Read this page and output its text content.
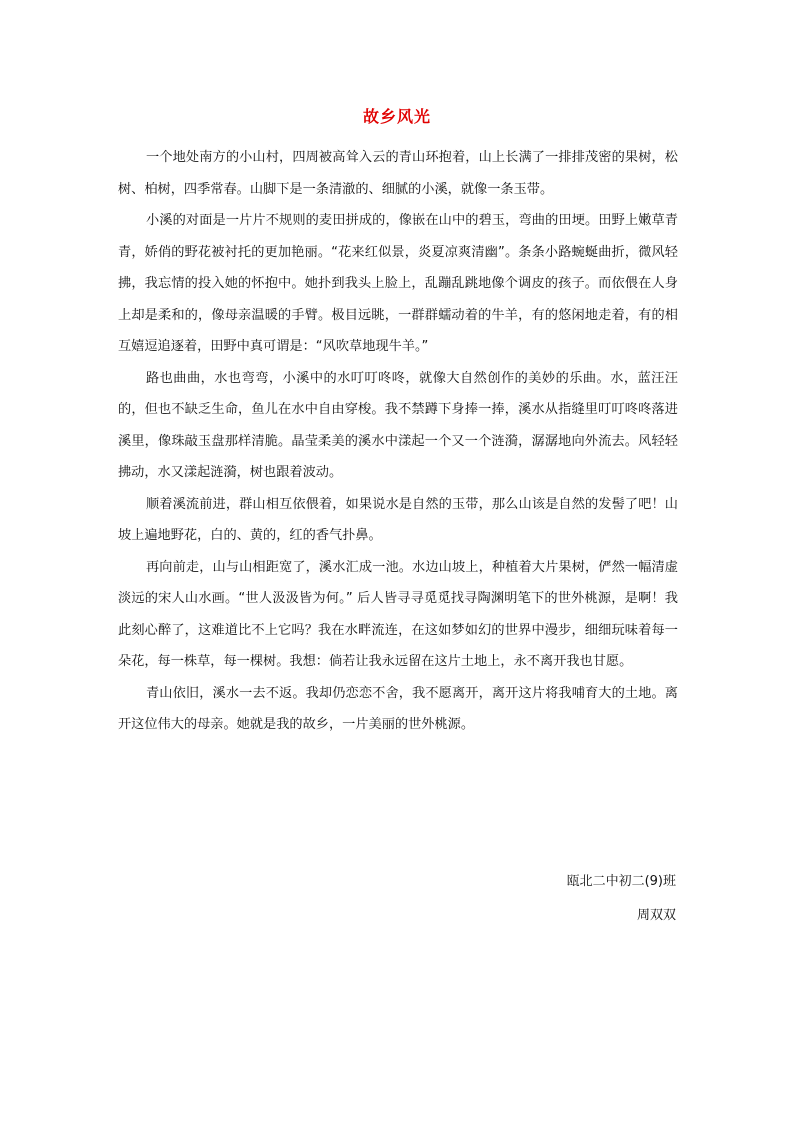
故乡风光

一个地处南方的小山村，四周被高耸入云的青山环抱着，山上长满了一排排茂密的果树，松树、柏树，四季常春。山脚下是一条清澈的、细腻的小溪，就像一条玉带。

小溪的对面是一片片不规则的麦田拼成的，像嵌在山中的碧玉，弯曲的田埂。田野上嫩草青青，娇俏的野花被衬托的更加艳丽。“花来红似景，炎夏凉爽清幽”。条条小路蜿蜒曲折，微风轻拂，我忘情的投入她的怀抱中。她扑到我头上脸上，乱蹦乱跳地像个调皮的孩子。而依偎在人身上却是柔和的，像母亲温暖的手臂。极目远眺，一群群蠕动着的牛羊，有的悠闲地走着，有的相互嬉逗追逐着，田野中真可谓是：“风吹草地现牛羊。”

路也曲曲，水也弯弯，小溪中的水叮叮咚咚，就像大自然创作的美妙的乐曲。水，蓝汪汪的，但也不缺乏生命，鱼儿在水中自由穿梭。我不禁蹲下身捧一捧，溪水从指缝里叮叮咚咚落进溪里，像珠敲玉盘那样清脆。晶莹柔美的溪水中漾起一个又一个涟漪，潺潺地向外流去。风轻轻拂动，水又漾起涟漪，树也跟着波动。

顺着溪流前进，群山相互依偎着，如果说水是自然的玉带，那么山该是自然的发髻了吧！山坡上遍地野花，白的、黄的，红的香气扑鼻。

再向前走，山与山相距宽了，溪水汇成一池。水边山坡上，种植着大片果树，俨然一幅清虚淡远的宋人山水画。“世人汲汲皆为何。” 后人皆寻寻觅觅找寻陶渊明笔下的世外桃源，是啊！我此刻心醉了，这难道比不上它吗？我在水畔流连，在这如梦如幻的世界中漫步，细细玩味着每一朵花，每一株草，每一棵树。我想：倘若让我永远留在这片土地上，永不离开我也甘愿。

青山依旧，溪水一去不返。我却仍恋恋不舍，我不愿离开，离开这片将我哺育大的土地。离开这位伟大的母亲。她就是我的故乡，一片美丽的世外桃源。

瓯北二中初二(9)班
周双双
